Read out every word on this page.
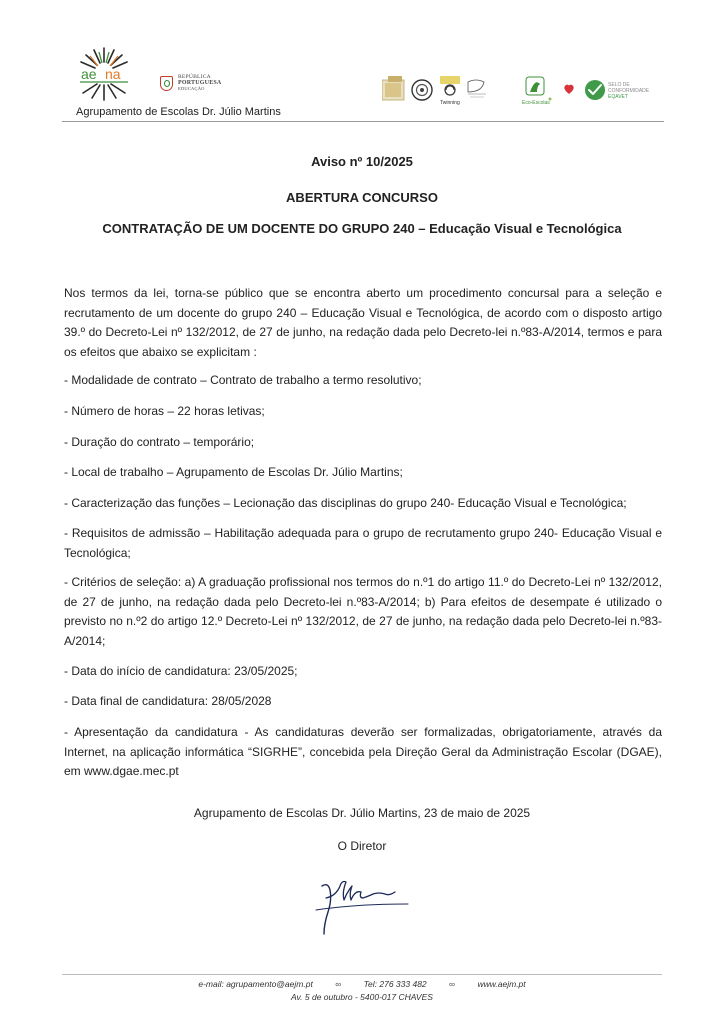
ae na	REPÚBLICA
PORTUGUESA
EDUCAÇÃO
Agrupamento de Escolas Dr. Júlio Martins
Twinning	Eco-Escolas
SELO DE
CONFORMIDADE
EQAVET
Aviso nº 10/2025
ABERTURA CONCURSO
CONTRATAÇÃO DE UM DOCENTE DO GRUPO 240 – Educação Visual e Tecnológica

Nos termos da lei, torna-se público que se encontra aberto um procedimento concursal para a seleção e recrutamento de um docente do grupo 240 – Educação Visual e Tecnológica, de acordo com o disposto artigo 39.º do Decreto-Lei nº 132/2012, de 27 de junho, na redação dada pelo Decreto-lei n.º83-A/2014, termos e para os efeitos que abaixo se explicitam :

- Modalidade de contrato – Contrato de trabalho a termo resolutivo;

- Número de horas – 22 horas letivas;

- Duração do contrato – temporário;

- Local de trabalho – Agrupamento de Escolas Dr. Júlio Martins;

- Caracterização das funções – Lecionação das disciplinas do grupo 240- Educação Visual e Tecnológica;

- Requisitos de admissão – Habilitação adequada para o grupo de recrutamento grupo 240- Educação Visual e Tecnológica;

- Critérios de seleção: a) A graduação profissional nos termos do n.º1 do artigo 11.º do Decreto-Lei nº 132/2012, de 27 de junho, na redação dada pelo Decreto-lei n.º83-A/2014; b) Para efeitos de desempate é utilizado o previsto no n.º2 do artigo 12.º Decreto-Lei nº 132/2012, de 27 de junho, na redação dada pelo Decreto-lei n.º83- A/2014;

- Data do início de candidatura: 23/05/2025;

- Data final de candidatura: 28/05/2028

- Apresentação da candidatura - As candidaturas deverão ser formalizadas, obrigatoriamente, através da Internet, na aplicação informática “SIGRHE”, concebida pela Direção Geral da Administração Escolar (DGAE), em www.dgae.mec.pt

Agrupamento de Escolas Dr. Júlio Martins, 23 de maio de 2025
O Diretor
e-mail: agrupamento@aejm.pt	∞	Tel: 276 333 482	∞	www.aejm.pt
Av. 5 de outubro - 5400-017 CHAVES
